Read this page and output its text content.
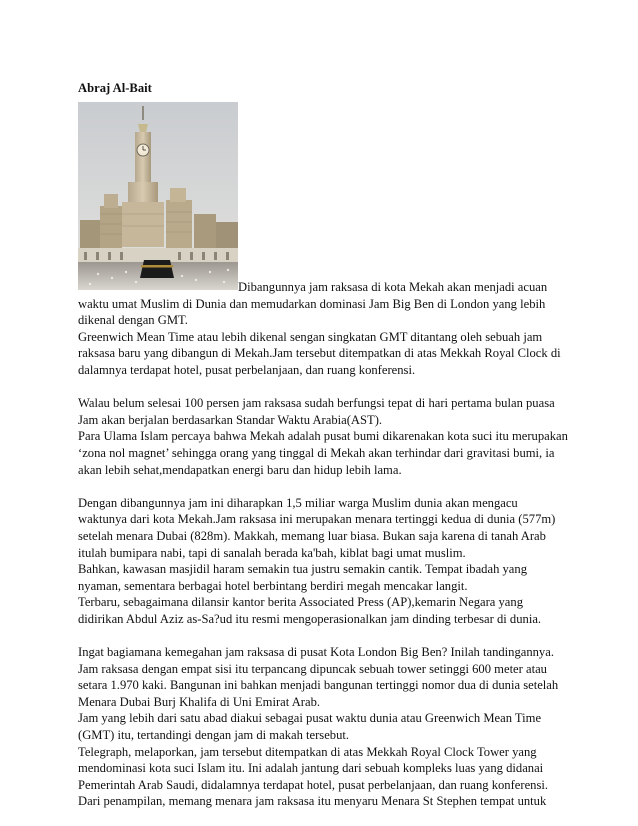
Abraj Al-Bait

Dibangunnya jam raksasa di kota Mekah akan menjadi acuan

waktu umat Muslim di Dunia dan memudarkan dominasi Jam Big Ben di London yang lebih

dikenal dengan GMT.

Greenwich Mean Time atau lebih dikenal sengan singkatan GMT ditantang oleh sebuah jam

raksasa baru yang dibangun di Mekah.Jam tersebut ditempatkan di atas Mekkah Royal Clock di

dalamnya terdapat hotel, pusat perbelanjaan, dan ruang konferensi.

Walau belum selesai 100 persen jam raksasa sudah berfungsi tepat di hari pertama bulan puasa

Jam akan berjalan berdasarkan Standar Waktu Arabia(AST).

Para Ulama Islam percaya bahwa Mekah adalah pusat bumi dikarenakan kota suci itu merupakan

‘zona nol magnet’ sehingga orang yang tinggal di Mekah akan terhindar dari gravitasi bumi, ia

akan lebih sehat,mendapatkan energi baru dan hidup lebih lama.

Dengan dibangunnya jam ini diharapkan 1,5 miliar warga Muslim dunia akan mengacu

waktunya dari kota Mekah.Jam raksasa ini merupakan menara tertinggi kedua di dunia (577m)

setelah menara Dubai (828m). Makkah, memang luar biasa. Bukan saja karena di tanah Arab

itulah bumipara nabi, tapi di sanalah berada ka'bah, kiblat bagi umat muslim.

Bahkan, kawasan masjidil haram semakin tua justru semakin cantik. Tempat ibadah yang

nyaman, sementara berbagai hotel berbintang berdiri megah mencakar langit.

Terbaru, sebagaimana dilansir kantor berita Associated Press (AP),kemarin Negara yang

didirikan Abdul Aziz as-Sa?ud itu resmi mengoperasionalkan jam dinding terbesar di dunia.

Ingat bagiamana kemegahan jam raksasa di pusat Kota London Big Ben? Inilah tandingannya.

Jam raksasa dengan empat sisi itu terpancang dipuncak sebuah tower setinggi 600 meter atau

setara 1.970 kaki. Bangunan ini bahkan menjadi bangunan tertinggi nomor dua di dunia setelah

Menara Dubai Burj Khalifa di Uni Emirat Arab.

Jam yang lebih dari satu abad diakui sebagai pusat waktu dunia atau Greenwich Mean Time

(GMT) itu, tertandingi dengan jam di makah tersebut.

Telegraph, melaporkan, jam tersebut ditempatkan di atas Mekkah Royal Clock Tower yang

mendominasi kota suci Islam itu. Ini adalah jantung dari sebuah kompleks luas yang didanai

Pemerintah Arab Saudi, didalamnya terdapat hotel, pusat perbelanjaan, dan ruang konferensi.

Dari penampilan, memang menara jam raksasa itu menyaru Menara St Stephen tempat untuk
